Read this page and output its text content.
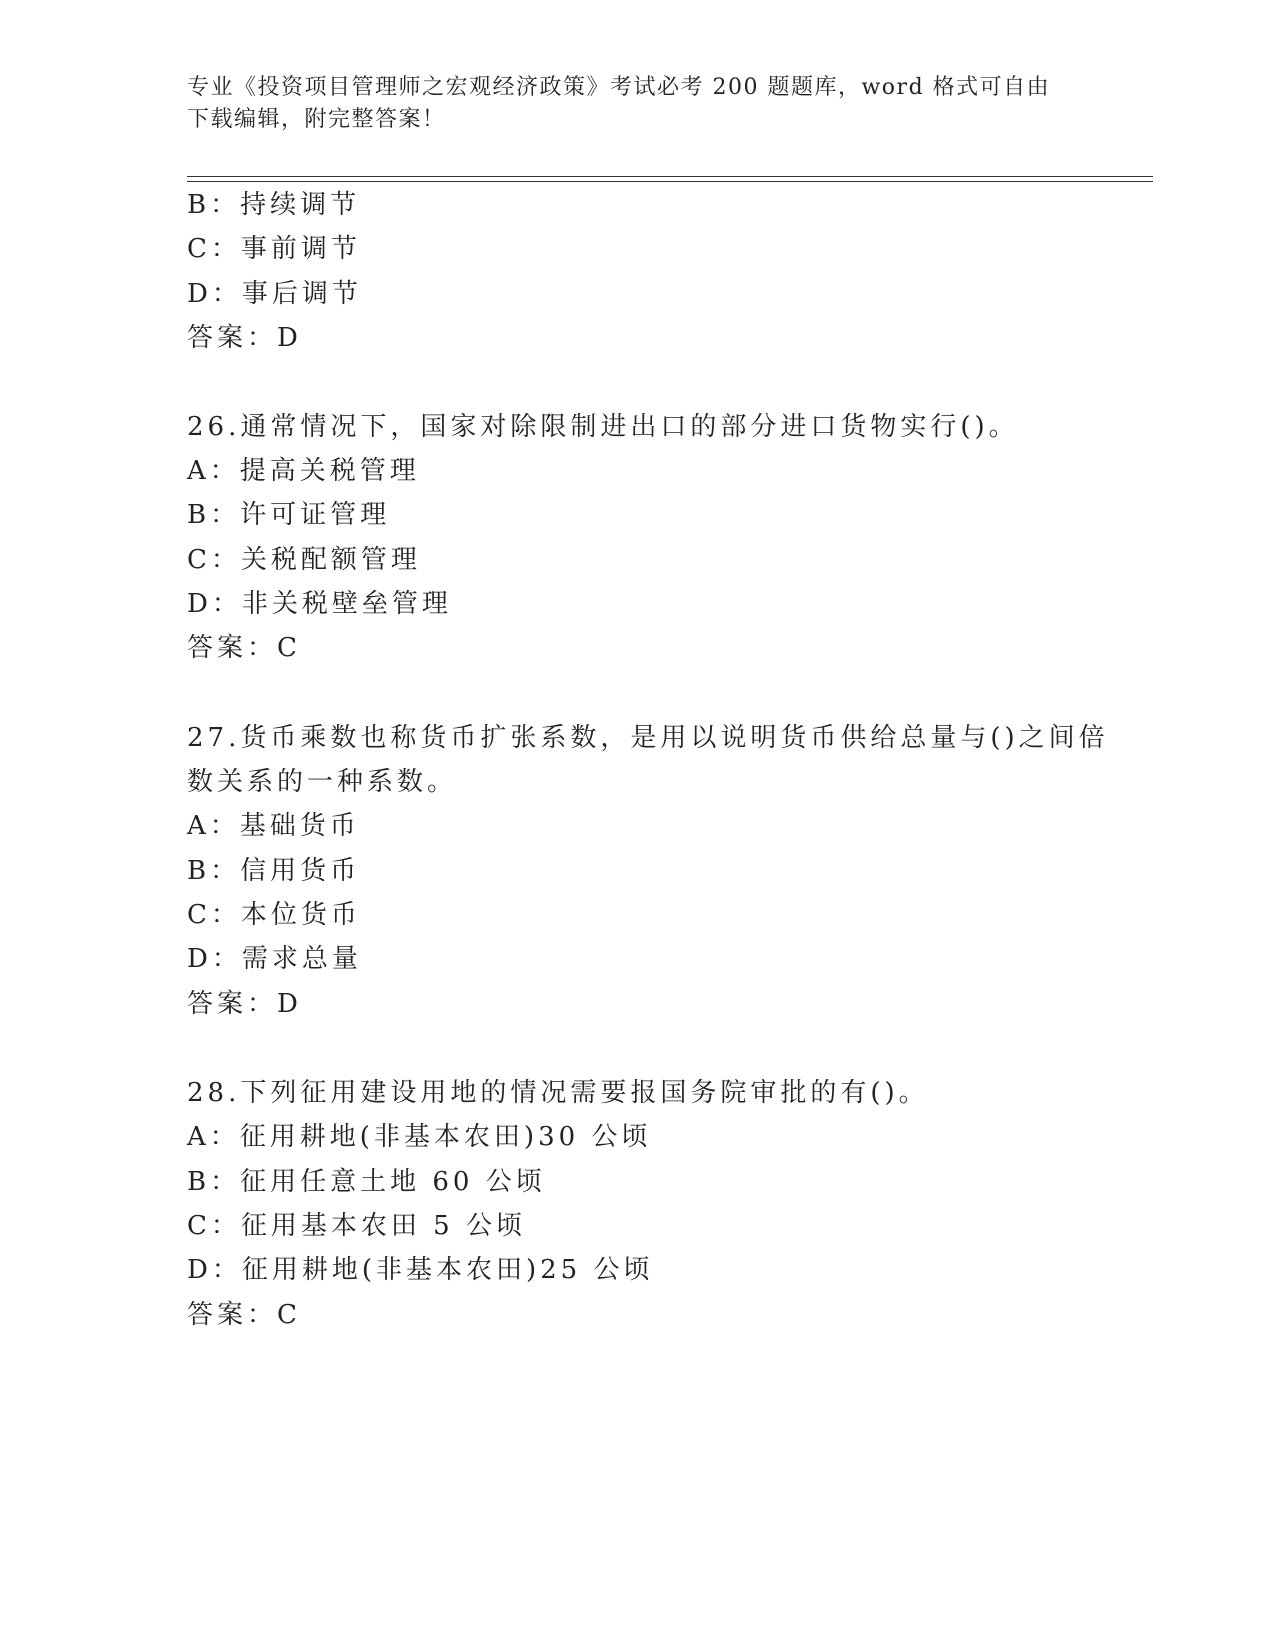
专业《投资项目管理师之宏观经济政策》考试必考 200 题题库，word 格式可自由
下载编辑，附完整答案！
B：持续调节
C：事前调节
D：事后调节
答案：D
26.通常情况下，国家对除限制进出口的部分进口货物实行()。
A：提高关税管理
B：许可证管理
C：关税配额管理
D：非关税壁垒管理
答案：C
27.货币乘数也称货币扩张系数，是用以说明货币供给总量与()之间倍
数关系的一种系数。
A：基础货币
B：信用货币
C：本位货币
D：需求总量
答案：D
28.下列征用建设用地的情况需要报国务院审批的有()。
A：征用耕地(非基本农田)30 公顷
B：征用任意土地 60 公顷
C：征用基本农田 5 公顷
D：征用耕地(非基本农田)25 公顷
答案：C
